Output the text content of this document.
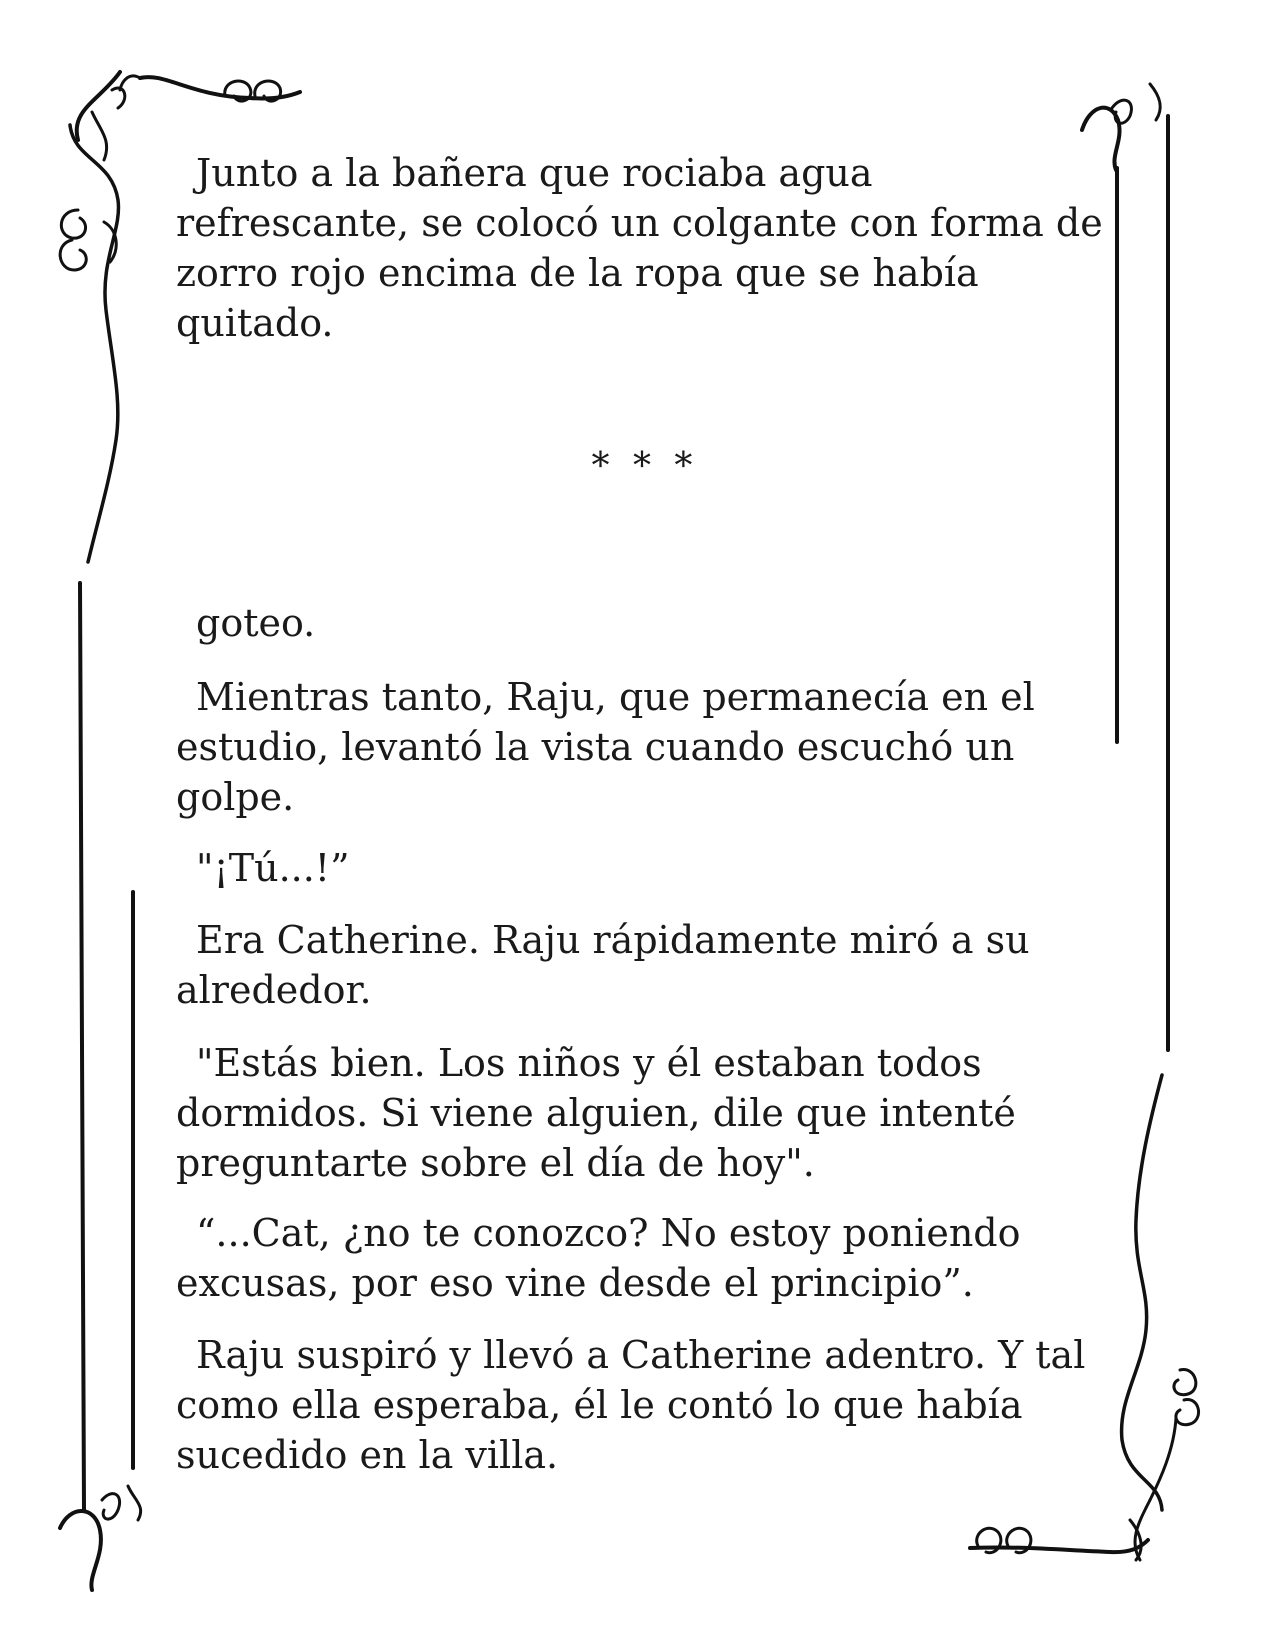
Junto a la bañera que rociaba agua
refrescante, se colocó un colgante con forma de
zorro rojo encima de la ropa que se había
quitado.
* * *
goteo.
Mientras tanto, Raju, que permanecía en el
estudio, levantó la vista cuando escuchó un
golpe.
"¡Tú...!”
Era Catherine. Raju rápidamente miró a su
alrededor.
"Estás bien. Los niños y él estaban todos
dormidos. Si viene alguien, dile que intenté
preguntarte sobre el día de hoy".
“...Cat, ¿no te conozco? No estoy poniendo
excusas, por eso vine desde el principio”.
Raju suspiró y llevó a Catherine adentro. Y tal
como ella esperaba, él le contó lo que había
sucedido en la villa.
